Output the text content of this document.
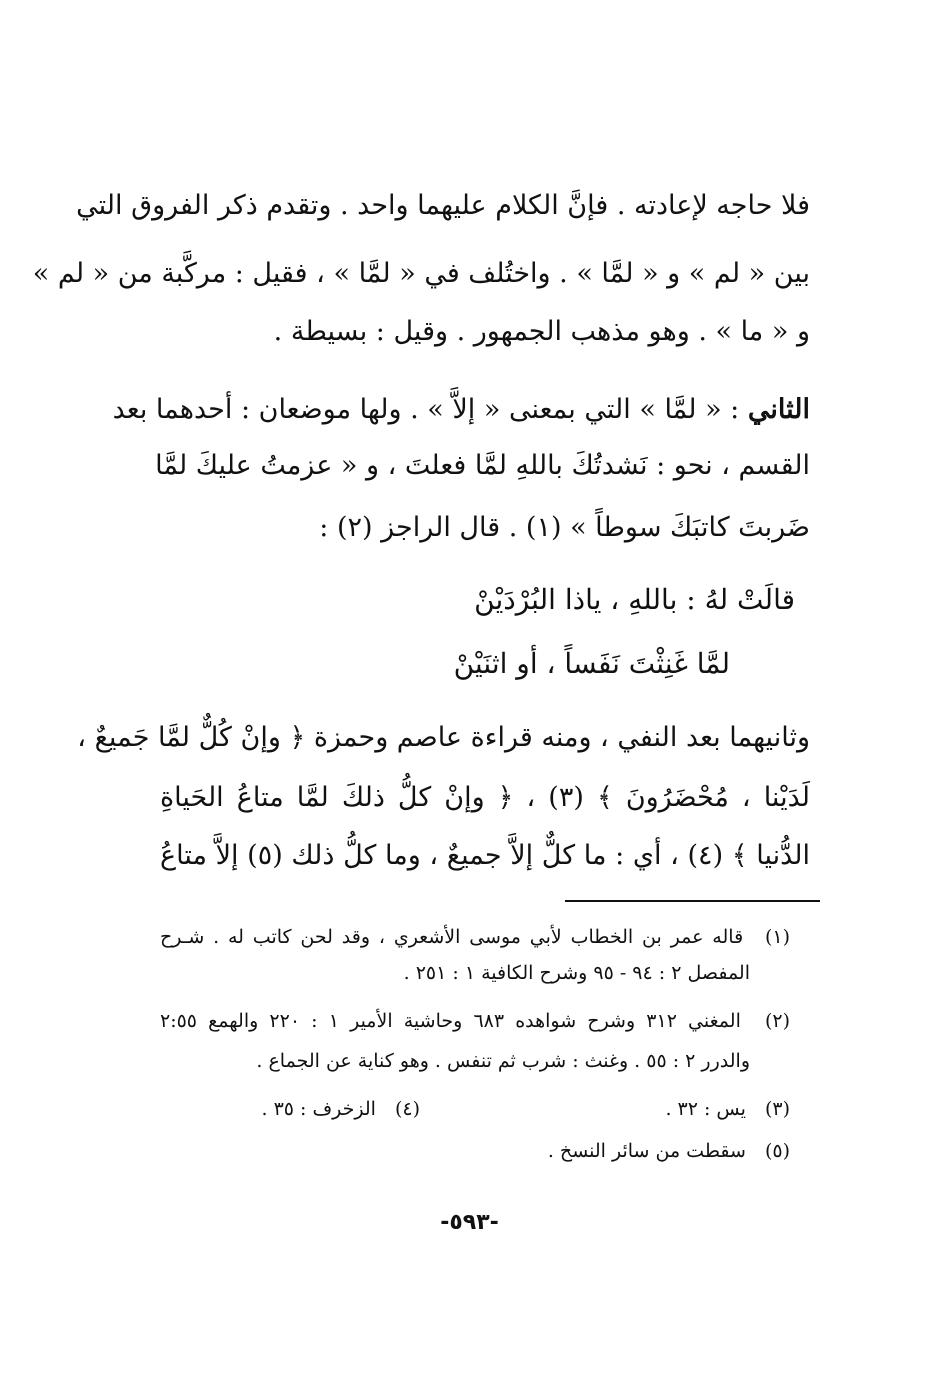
فلا حاجه لإعادته . فإنَّ الكلام عليهما واحد . وتقدم ذكر الفروق التي
بين « لم » و « لمَّا » . واختُلف في « لمَّا » ، فقيل : مركَّبة من « لم »
و « ما » . وهو مذهب الجمهور . وقيل : بسيطة .
الثاني : « لمَّا » التي بمعنى « إلاَّ » . ولها موضعان : أحدهما بعد
القسم ، نحو : نَشدتُكَ باللهِ لمَّا فعلتَ ، و « عزمتُ عليكَ لمَّا
ضَربتَ كاتبَكَ سوطاً » (١) . قال الراجز (٢) :
قالَتْ لهُ : باللهِ ، ياذا البُرْدَيْنْ
لمَّا غَنِثْتَ نَفَساً ، أو اثنَيْنْ
وثانيهما بعد النفي ، ومنه قراءة عاصم وحمزة ﴿ وإنْ كُلٌّ لمَّا جَميعٌ ،
لَدَيْنا ، مُحْضَرُونَ ﴾ (٣) ، ﴿ وإنْ كلُّ ذلكَ لمَّا متاعُ الحَياةِ
الدُّنيا ﴾ (٤) ، أي : ما كلٌّ إلاَّ جميعٌ ، وما كلُّ ذلك (٥) إلاَّ متاعُ
(١) قاله عمر بن الخطاب لأبي موسى الأشعري ، وقد لحن كاتب له . شـرح
المفصل ٢ : ٩٤ - ٩٥ وشرح الكافية ١ : ٢٥١ .
(٢) المغني ٣١٢ وشرح شواهده ٦٨٣ وحاشية الأمير ١ : ٢٢٠ والهمع ٢:٥٥
والدرر ٢ : ٥٥ . وغنث : شرب ثم تنفس . وهو كناية عن الجماع .
(٣) يس : ٣٢ .
(٤) الزخرف : ٣٥ .
(٥) سقطت من سائر النسخ .
-٥٩٣-
